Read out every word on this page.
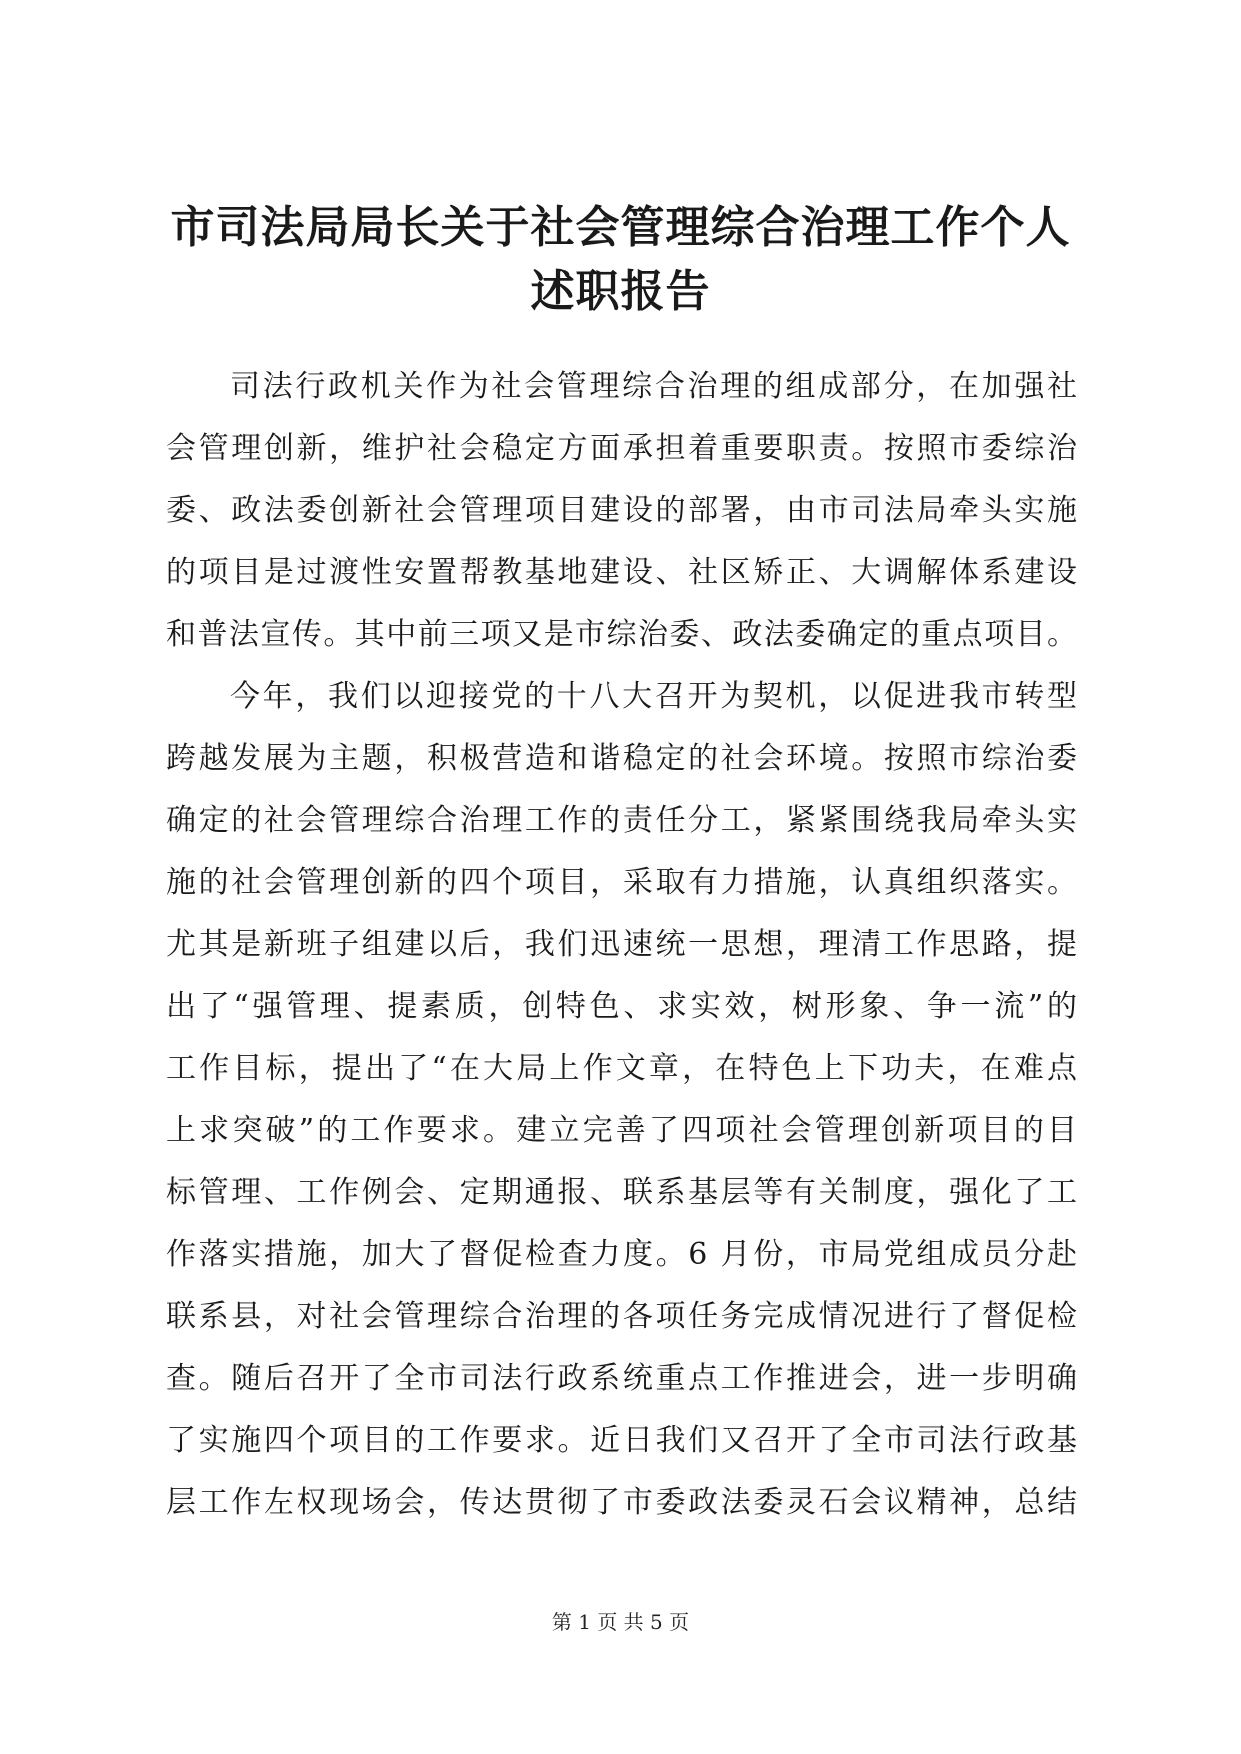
市司法局局长关于社会管理综合治理工作个人
述职报告
司法行政机关作为社会管理综合治理的组成部分，在加强社
会管理创新，维护社会稳定方面承担着重要职责。按照市委综治
委、政法委创新社会管理项目建设的部署，由市司法局牵头实施
的项目是过渡性安置帮教基地建设、社区矫正、大调解体系建设
和普法宣传。其中前三项又是市综治委、政法委确定的重点项目。
今年，我们以迎接党的十八大召开为契机，以促进我市转型
跨越发展为主题，积极营造和谐稳定的社会环境。按照市综治委
确定的社会管理综合治理工作的责任分工，紧紧围绕我局牵头实
施的社会管理创新的四个项目，采取有力措施，认真组织落实。
尤其是新班子组建以后，我们迅速统一思想，理清工作思路，提
出了“强管理、提素质，创特色、求实效，树形象、争一流”的
工作目标，提出了“在大局上作文章，在特色上下功夫，在难点
上求突破”的工作要求。建立完善了四项社会管理创新项目的目
标管理、工作例会、定期通报、联系基层等有关制度，强化了工
作落实措施，加大了督促检查力度。6 月份，市局党组成员分赴
联系县，对社会管理综合治理的各项任务完成情况进行了督促检
查。随后召开了全市司法行政系统重点工作推进会，进一步明确
了实施四个项目的工作要求。近日我们又召开了全市司法行政基
层工作左权现场会，传达贯彻了市委政法委灵石会议精神，总结
第 1 页 共 5 页
